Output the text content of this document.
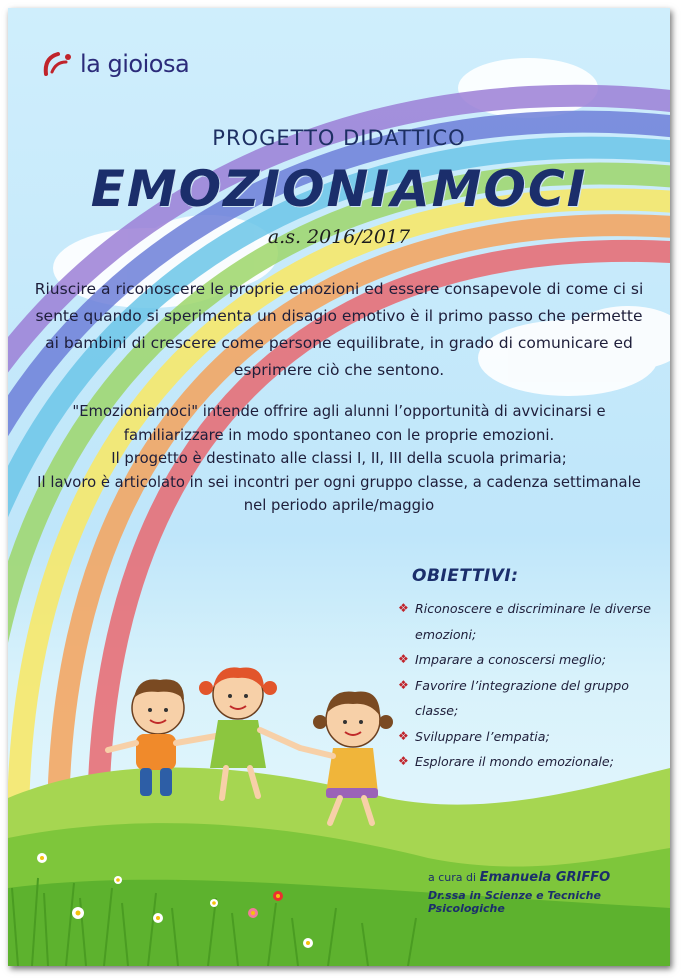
la gioiosa
PROGETTO DIDATTICO
EMOZIONIAMOCI
a.s. 2016/2017
Riuscire a riconoscere le proprie emozioni ed essere consapevole di come ci si sente quando si sperimenta un disagio emotivo è il primo passo che permette ai bambini di crescere come persone equilibrate, in grado di comunicare ed esprimere ciò che sentono.

"Emozioniamoci" intende offrire agli alunni l’opportunità di avvicinarsi e familiarizzare in modo spontaneo con le proprie emozioni.

Il progetto è destinato alle classi I, II, III della scuola primaria;

Il lavoro è articolato in sei incontri per ogni gruppo classe, a cadenza settimanale nel periodo aprile/maggio

OBIETTIVI:
❖ Riconoscere e discriminare le diverse emozioni;
❖ Imparare a conoscersi meglio;
❖ Favorire l’integrazione del gruppo classe;
❖ Sviluppare l’empatia;
❖ Esplorare il mondo emozionale;
a cura di Emanuela GRIFFO
Dr.ssa in Scienze e Tecniche Psicologiche
